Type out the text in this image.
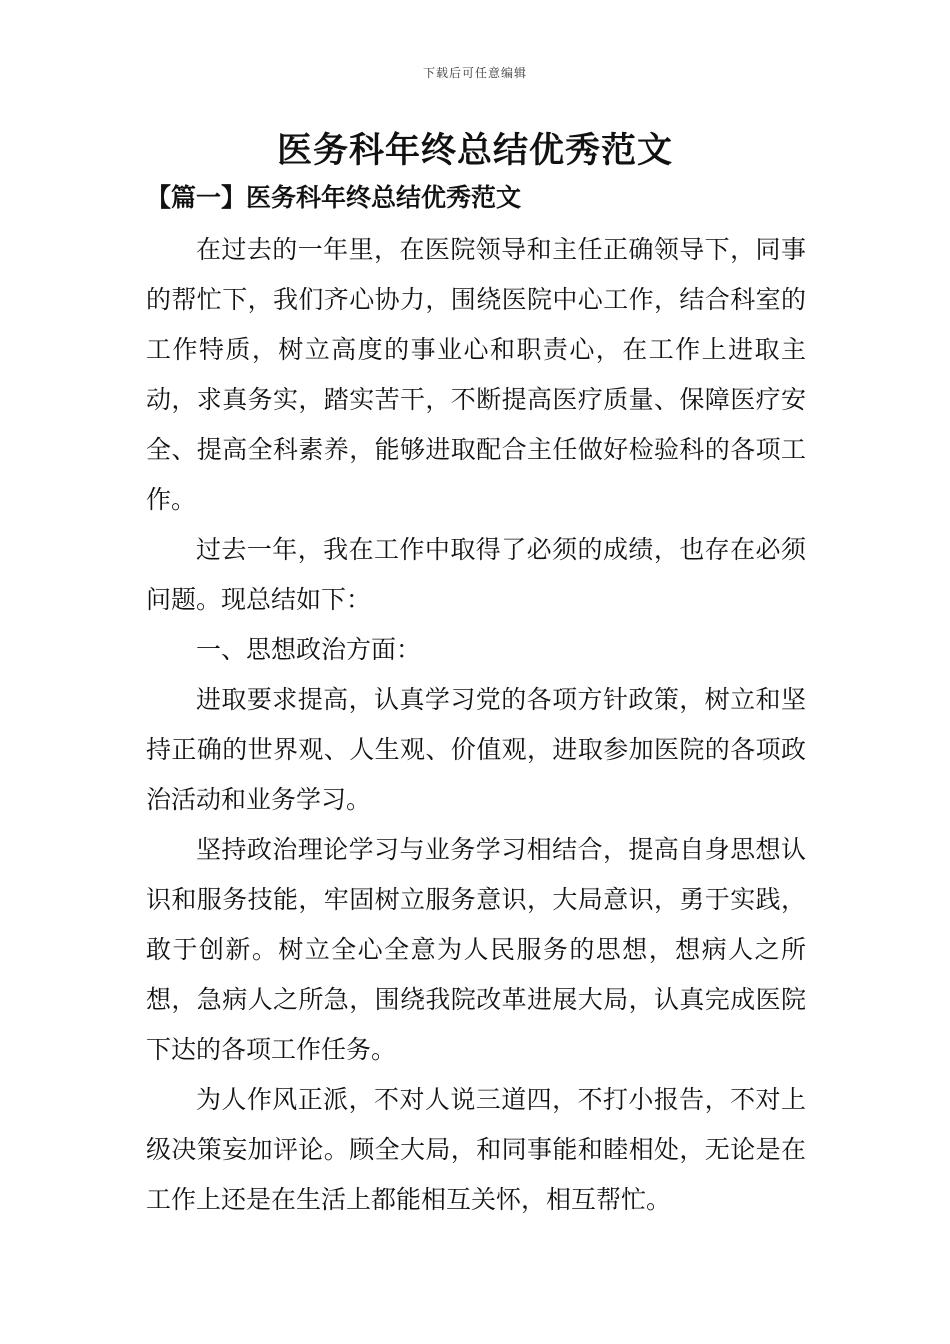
下载后可任意编辑
医务科年终总结优秀范文
【篇一】医务科年终总结优秀范文

在过去的一年里，在医院领导和主任正确领导下，同事的帮忙下，我们齐心协力，围绕医院中心工作，结合科室的工作特质，树立高度的事业心和职责心，在工作上进取主动，求真务实，踏实苦干，不断提高医疗质量、保障医疗安全、提高全科素养，能够进取配合主任做好检验科的各项工作。

过去一年，我在工作中取得了必须的成绩，也存在必须问题。现总结如下：

一、思想政治方面：

进取要求提高，认真学习党的各项方针政策，树立和坚持正确的世界观、人生观、价值观，进取参加医院的各项政治活动和业务学习。

坚持政治理论学习与业务学习相结合，提高自身思想认识和服务技能，牢固树立服务意识，大局意识，勇于实践，敢于创新。树立全心全意为人民服务的思想，想病人之所想，急病人之所急，围绕我院改革进展大局，认真完成医院下达的各项工作任务。

为人作风正派，不对人说三道四，不打小报告，不对上级决策妄加评论。顾全大局，和同事能和睦相处，无论是在工作上还是在生活上都能相互关怀，相互帮忙。
